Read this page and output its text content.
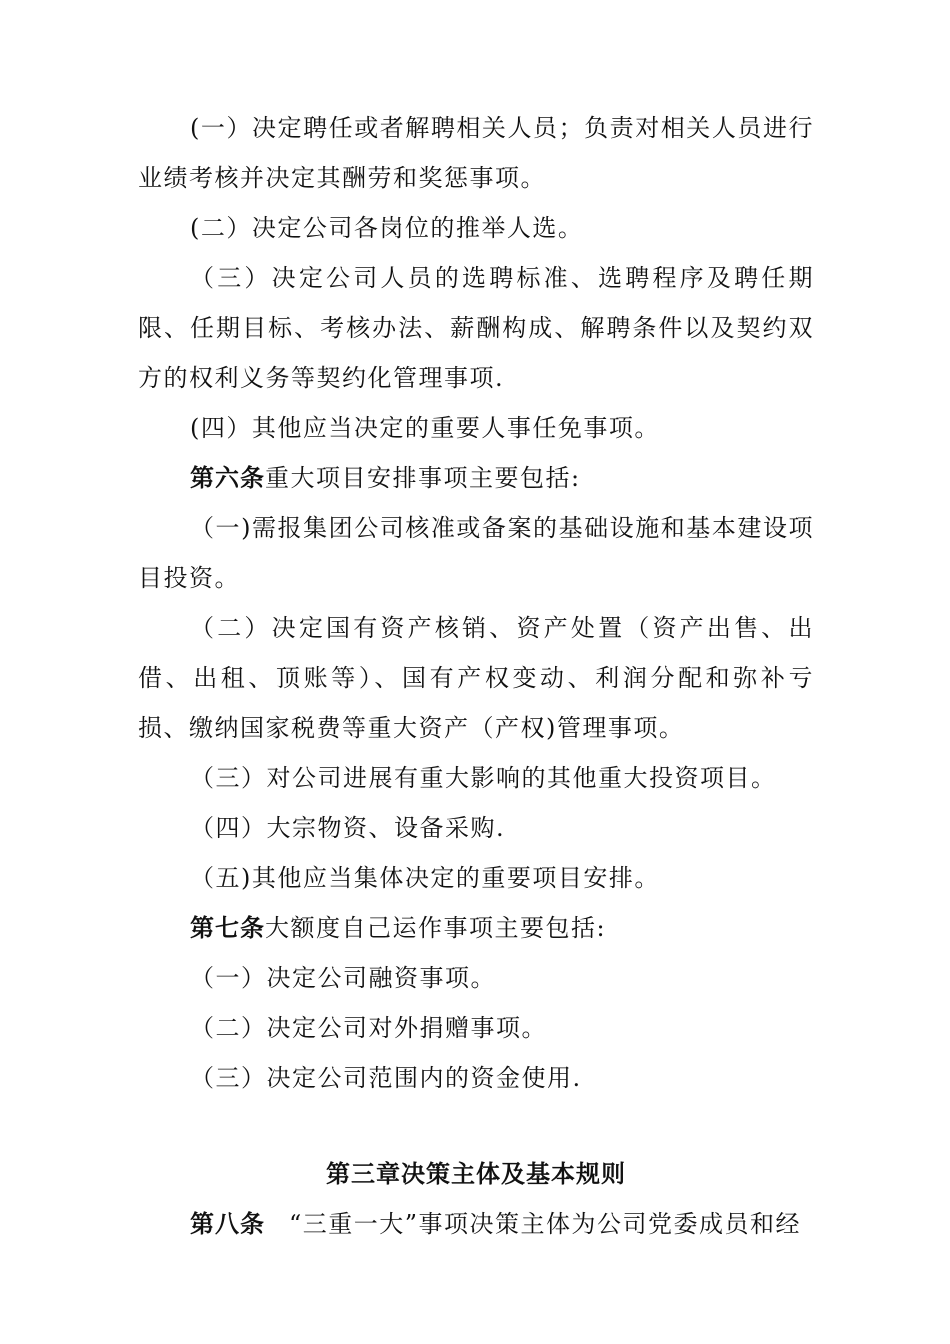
(一）决定聘任或者解聘相关人员；负责对相关人员进行业绩考核并决定其酬劳和奖惩事项。

(二）决定公司各岗位的推举人选。

（三）决定公司人员的选聘标准、选聘程序及聘任期限、任期目标、考核办法、薪酬构成、解聘条件以及契约双方的权利义务等契约化管理事项.

(四）其他应当决定的重要人事任免事项。

第六条重大项目安排事项主要包括:

（一)需报集团公司核准或备案的基础设施和基本建设项目投资。

（二）决定国有资产核销、资产处置（资产出售、出借、出租、顶账等）、国有产权变动、利润分配和弥补亏损、缴纳国家税费等重大资产（产权)管理事项。

（三）对公司进展有重大影响的其他重大投资项目。

（四）大宗物资、设备采购.

（五)其他应当集体决定的重要项目安排。

第七条大额度自己运作事项主要包括:

（一）决定公司融资事项。

（二）决定公司对外捐赠事项。

（三）决定公司范围内的资金使用.

第三章决策主体及基本规则

第八条 “三重一大”事项决策主体为公司党委成员和经
